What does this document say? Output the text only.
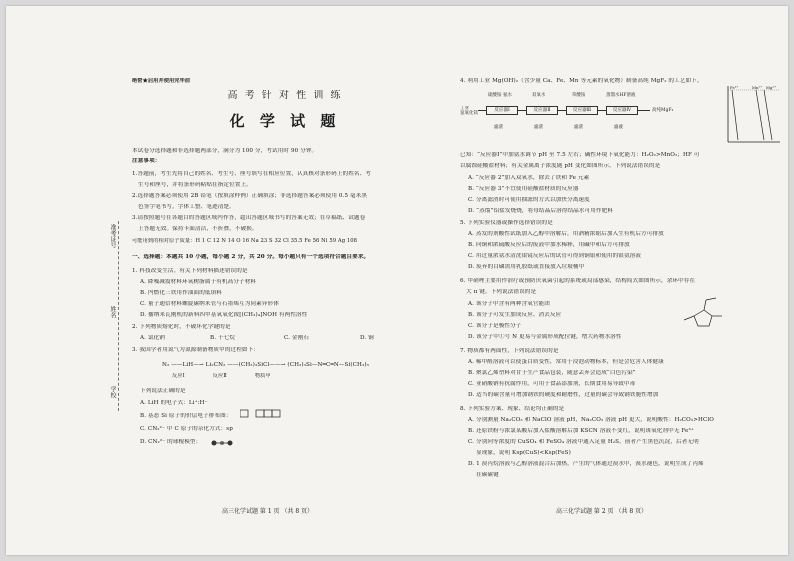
准考证号
姓名
学校
绝密★启用并使用完毕前
高 考 针 对 性 训 练
化 学 试 题
本试卷分选择题和非选择题两部分，满分为 100 分，考试用时 90 分钟。
注意事项：
1.答题前，考生先将自己的姓名、考生号、座号填写在相应位置，认真核对条形码上的姓名、考
生号和座号，并将条形码粘贴在指定位置上。
2.选择题答案必须使用 2B 铅笔（按填涂样例）正确填涂；非选择题答案必须使用 0.5 毫米黑
色签字笔书写，字体工整、笔迹清楚。
3.请按照题号在各题目的答题区域内作答，超出答题区域书写的答案无效；在草稿纸、试题卷
上答题无效。保持卡面清洁，不折叠，不破损。
可能用到的相对原子质量：H 1 C 12 N 14 O 16 Na 23 S 32 Cl 35.5 Fe 56 Ni 59 Ag 108
一、选择题：本题共 10 小题，每小题 2 分，共 20 分。每小题只有一个选项符合题目要求。
1. 科技改变生活。有关下列材料描述错误的是
A. 降噪减震材料环氧树脂属于有机高分子材料
B. 内燃化三铁用作油面的低填料
C. 量子通信材料螺旋碳纳米管与石墨烯互为同素异形体
D. 播纳米瓦刚机的新料四甲基氧氧化铵[(CH₃)₄]NOH 有两性溶性
2. 下列物质熔化时，不破坏化学键的是
A. 氯化钠	B. 十七烷	C. 金刚石	D. 铜
3. 我国学者用氮气为氮源制备物质甲的过程如下：
N₂ ——LiH—→ Li₂CN₂ ——(CH₃)₃SiCl——→ (CH₃)₃Si—N═C═N—Si(CH₃)₃
反应Ⅰ                反应Ⅱ                物质甲
下列说法正确的是
A. LiH 的电子式：Li⁺:H⁻
B. 基态 Si 原子的价层电子排布图：
C. CN₂²⁻ 中 C 原子的杂化方式：sp
D. CN₂²⁻ 的球棍模型：
高三化学试题 第 1 页 （共 8 页）
4. 利用工业 Mg(OH)₂（含少量 Ca、Fe、Mn 等元素的氧化物）制备高纯 MgF₂ 的工艺如下。
硫酸铵 氨水	双氧水	草酸铵	蒸馏水HF溶液
工业
氢氧化镁
反应器Ⅰ	反应器Ⅱ	反应器Ⅲ	反应器Ⅳ	高纯MgF₂
滤渣	滤渣	滤渣	滤液
Fe³⁺	Mn²⁺ Mg²⁺
已知：“反应器Ⅰ”中加氨水调节 pH 至 7.5 左右；碱性环境下氧化能力：H₂O₂>MnO₂；HF 可
以腐蚀硅酸盐材料；有关金属离子浓度随 pH 变化如图所示。下列说法错误的是
A. “反应器 2”加入双氧水，除去了铁和 Fe 元素
B. “反应器 3”不宜使用硅酸盐材质的反应器
C. 分离滤渣时可使用抽滤的方式以加快分离速度
D. “蒸馏”铝盐发烧烧，将母结晶后溶得结晶水可用作肥料
5. 下列实验仪器或操作选择错误的是
A. 蒸发的剂酸性试纸加入乙醇中溶解后，用酒精浓缩后加入生有机后方可排放
B. 向铜和浓硫酸反应后的废液中加水稀释，用碱中和后方可排放
C. 用过量浓氨水清洗银镜反应后的试管可得到铜银和使用的银氨溶液
D. 废弃的白磷需用乳胶纸或直接放入垃圾桶中
6. 甲硝唑主要用作治疗或预防厌氧菌引起的系统或局部感染，结构简式如图所示，余环中存在
大 π 键。下列说法错误的是
A. 该分子中含有两种含氧官能团
B. 该分子可发生加成反应、消去反应
C. 该分子是极性分子
D. 该分子中①号 N 更易与金属形成配位键，增大药物水溶性
7. 物质都有两面性，下列说法错误的是
A. 稀甲醛溶液可以使蛋白质变性，常用于浸泡动物标本，但是会危害人体健康
B. 聚氯乙烯塑料对甘于生产食品包装，随意丢弃会造成“白色污染”
C. 亚硝酸钠有抗腐作用，可用于食品添加剂，长期食用易导致中毒
D. 适当的碳含量可增加钢铁的硬度和耐磨性，过量的碳会导致钢铁脆性增加
8. 下列实验方案、现象、结论均正确的是
A. 分别测量 Na₂CO₃ 和 NaClO 溶液 pH，Na₂CO₃ 溶液 pH 更大，说明酸性：H₂CO₃>HClO
B. 还原铁粉与浓氯某酸后加入盐酸溶解后加 KSCN 溶液不变红，说明该氧化剂中无 Fe³⁺
C. 分别向等浓度的 CuSO₄ 和 FeSO₄ 溶液中通入足量 H₂S，前者产生黑色沉淀，后者无明
显现象，说明 Ksp(CuS)<Ksp(FeS)
D. 1 溴丙烷溶液与乙醇溶液混合后加热，产生的气体通过溴水中，溴水褪色，说明生成了丙烯
在碳碳键
高三化学试题 第 2 页 （共 8 页）
